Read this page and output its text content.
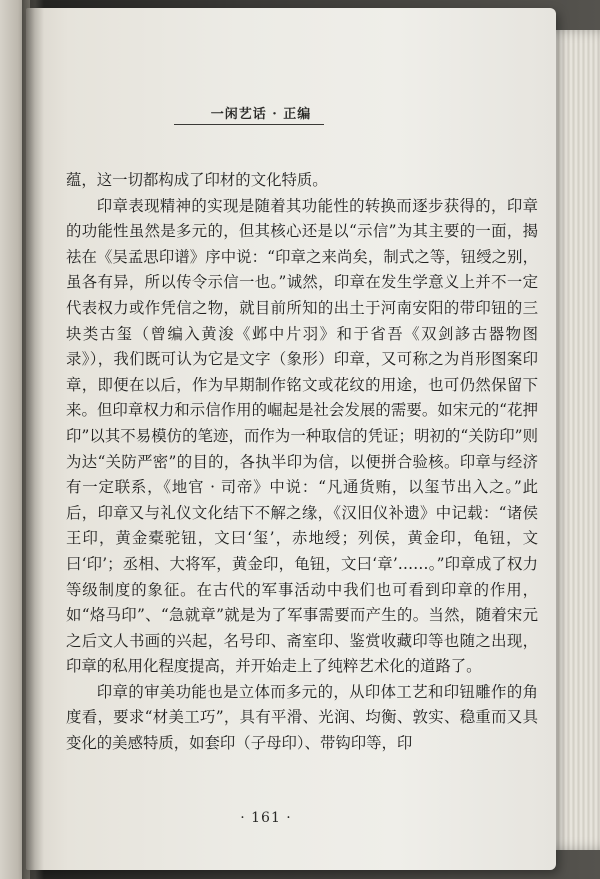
一闲艺话 · 正编

蕴，这一切都构成了印材的文化特质。

印章表现精神的实现是随着其功能性的转换而逐步获得的，印章的功能性虽然是多元的，但其核心还是以“示信”为其主要的一面，揭祛在《吴孟思印谱》序中说：“印章之来尚矣，制式之等，钮绶之别，虽各有异，所以传令示信一也。”诚然，印章在发生学意义上并不一定代表权力或作凭信之物，就目前所知的出土于河南安阳的带印钮的三块类古玺（曾编入黄浚《邺中片羽》和于省吾《双剑誃古器物图录》），我们既可认为它是文字（象形）印章，又可称之为肖形图案印章，即便在以后，作为早期制作铭文或花纹的用途，也可仍然保留下来。但印章权力和示信作用的崛起是社会发展的需要。如宋元的“花押印”以其不易模仿的笔迹，而作为一种取信的凭证；明初的“关防印”则为达“关防严密”的目的，各执半印为信，以便拼合验核。印章与经济有一定联系，《地官 · 司帝》中说：“凡通货贿，以玺节出入之。”此后，印章又与礼仪文化结下不解之缘，《汉旧仪补遗》中记载：“诸侯王印，黄金橐驼钮，文曰‘玺’，赤地绶；列侯，黄金印，龟钮，文曰‘印’；丞相、大将军，黄金印，龟钮，文曰‘章’……。”印章成了权力等级制度的象征。在古代的军事活动中我们也可看到印章的作用，如“烙马印”、“急就章”就是为了军事需要而产生的。当然，随着宋元之后文人书画的兴起，名号印、斋室印、鉴赏收藏印等也随之出现，印章的私用化程度提高，并开始走上了纯粹艺术化的道路了。

印章的审美功能也是立体而多元的，从印体工艺和印钮雕作的角度看，要求“材美工巧”，具有平滑、光润、均衡、敦实、稳重而又具变化的美感特质，如套印（子母印）、带钩印等，印

· 161 ·
